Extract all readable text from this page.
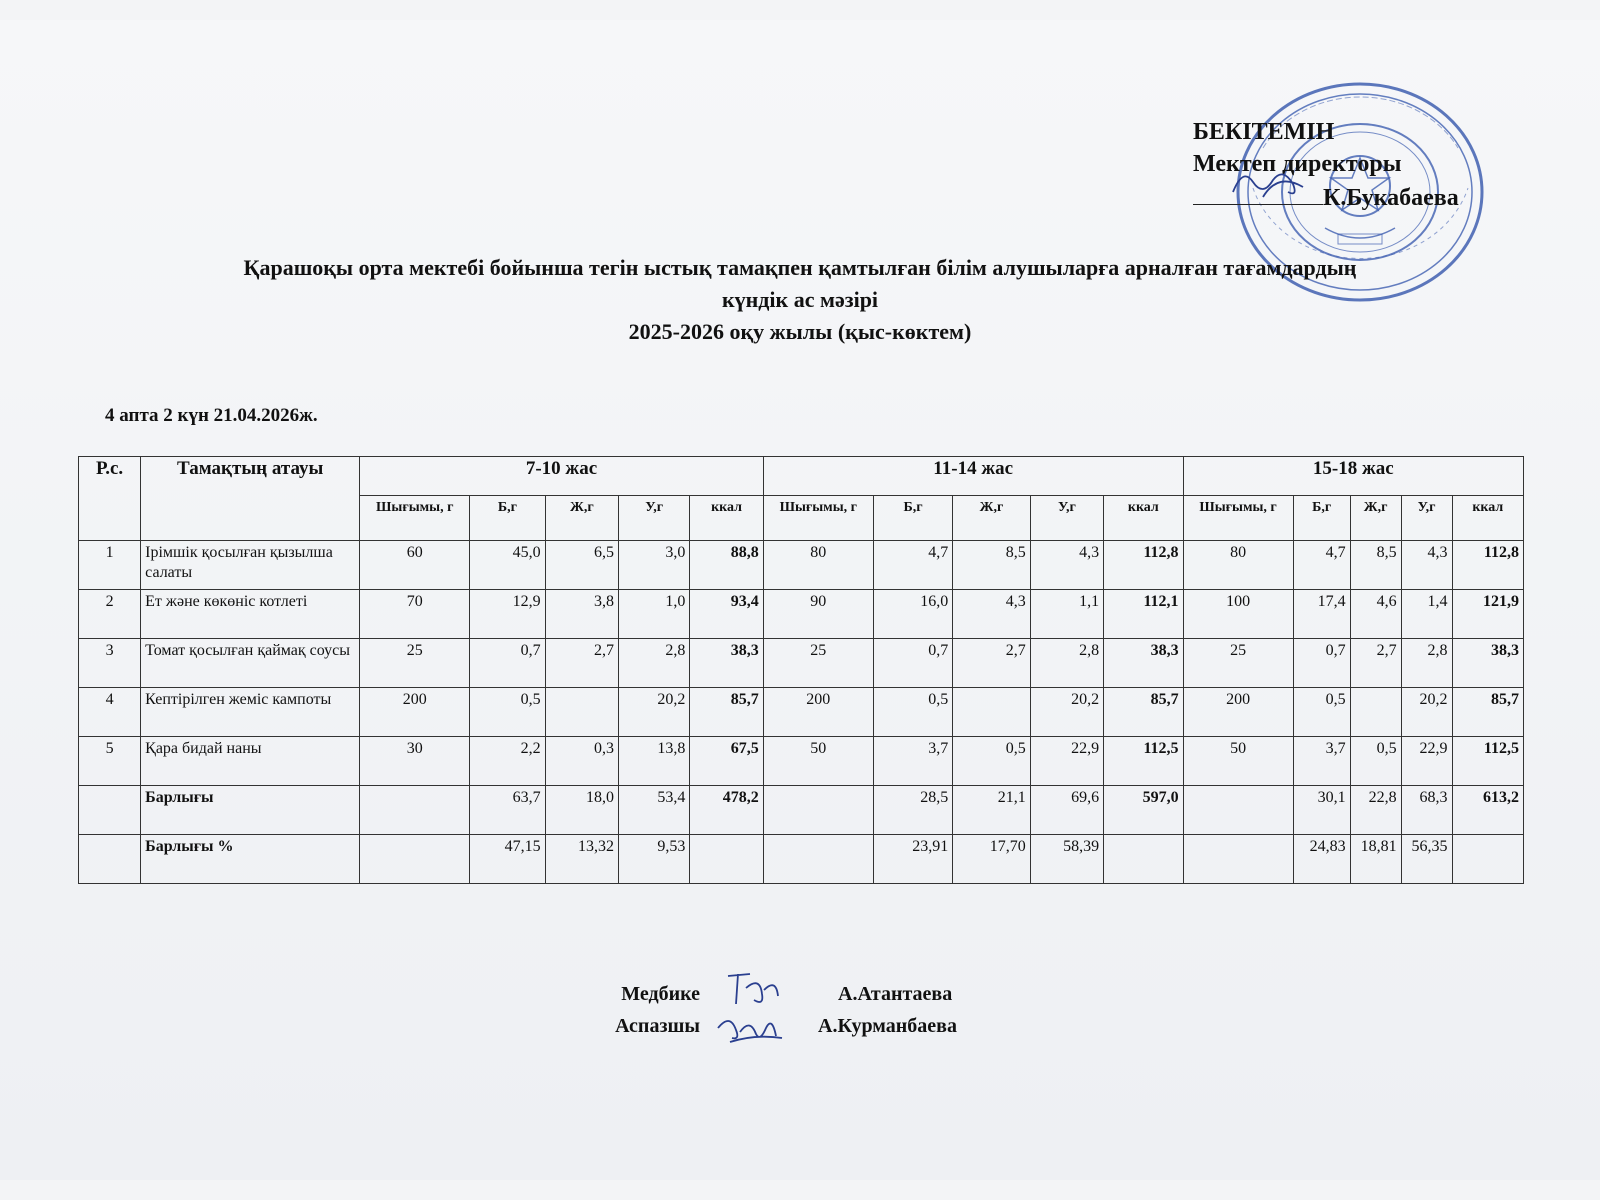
БЕКІТЕМІН
Мектеп директоры
К.Букабаева
Қарашоқы орта мектебі бойынша тегін ыстық тамақпен қамтылған білім алушыларға арналған тағамдардың
күндік ас мәзірі
2025-2026 оқу жылы (қыс-көктем)
4 апта 2 күн 21.04.2026ж.
Р.с.	Тамақтың атауы	7-10 жас					11-14 жас					15-18 жас				
		Шығымы, г	Б,г	Ж,г	У,г	ккал	Шығымы, г	Б,г	Ж,г	У,г	ккал	Шығымы, г	Б,г	Ж,г	У,г	ккал
1	Ірімшік қосылған қызылша салаты	60	45,0	6,5	3,0	88,8	80	4,7	8,5	4,3	112,8	80	4,7	8,5	4,3	112,8
2	Ет және көкөніс котлеті	70	12,9	3,8	1,0	93,4	90	16,0	4,3	1,1	112,1	100	17,4	4,6	1,4	121,9
3	Томат қосылған қаймақ соусы	25	0,7	2,7	2,8	38,3	25	0,7	2,7	2,8	38,3	25	0,7	2,7	2,8	38,3
4	Кептірілген жеміс кампоты	200	0,5		20,2	85,7	200	0,5		20,2	85,7	200	0,5		20,2	85,7
5	Қара бидай наны	30	2,2	0,3	13,8	67,5	50	3,7	0,5	22,9	112,5	50	3,7	0,5	22,9	112,5
	Барлығы		63,7	18,0	53,4	478,2		28,5	21,1	69,6	597,0		30,1	22,8	68,3	613,2
	Барлығы %		47,15	13,32	9,53			23,91	17,70	58,39			24,83	18,81	56,35	
Медбике	А.Атантаева
Аспазшы	А.Курманбаева
